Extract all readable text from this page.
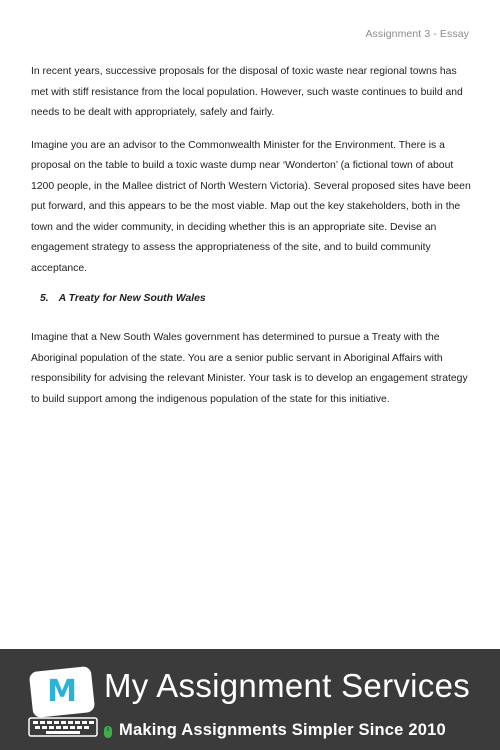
Assignment 3 - Essay

In recent years, successive proposals for the disposal of toxic waste near regional towns has met with stiff resistance from the local population. However, such waste continues to build and needs to be dealt with appropriately, safely and fairly.

Imagine you are an advisor to the Commonwealth Minister for the Environment. There is a proposal on the table to build a toxic waste dump near ‘Wonderton’ (a fictional town of about 1200 people, in the Mallee district of North Western Victoria). Several proposed sites have been put forward, and this appears to be the most viable. Map out the key stakeholders, both in the town and the wider community, in deciding whether this is an appropriate site. Devise an engagement strategy to assess the appropriateness of the site, and to build community acceptance.

5. A Treaty for New South Wales

Imagine that a New South Wales government has determined to pursue a Treaty with the Aboriginal population of the state. You are a senior public servant in Aboriginal Affairs with responsibility for advising the relevant Minister. Your task is to develop an engagement strategy to build support among the indigenous population of the state for this initiative.

M My Assignment Services
Making Assignments Simpler Since 2010
